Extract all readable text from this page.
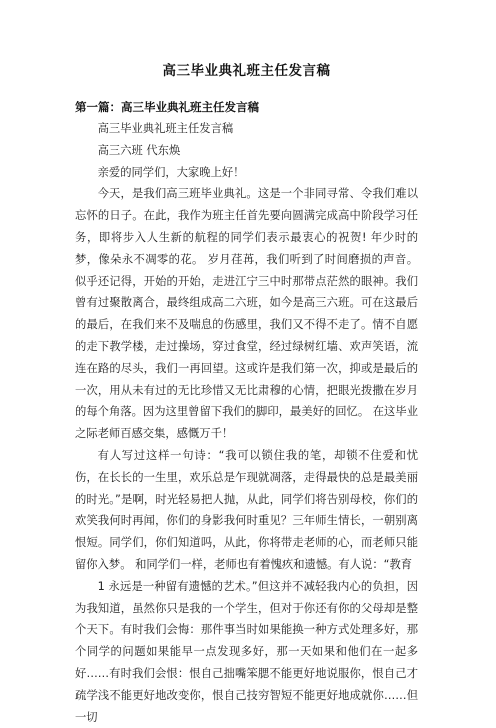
高三毕业典礼班主任发言稿
第一篇：高三毕业典礼班主任发言稿

高三毕业典礼班主任发言稿

高三六班 代东焕

亲爱的同学们，大家晚上好！

今天，是我们高三班毕业典礼。这是一个非同寻常、令我们难以忘怀的日子。在此，我作为班主任首先要向圆满完成高中阶段学习任务，即将步入人生新的航程的同学们表示最衷心的祝贺! 年少时的梦，像朵永不凋零的花。 岁月荏苒，我们听到了时间磨损的声音。 似乎还记得，开始的开始，走进江宁三中时那带点茫然的眼神。我们曾有过聚散离合，最终组成高二六班，如今是高三六班。可在这最后的最后，在我们来不及喘息的伤感里，我们又不得不走了。情不自愿的走下教学楼，走过操场，穿过食堂，经过绿树红墙、欢声笑语，流连在路的尽头，我们一再回望。这或许是我们第一次，抑或是最后的一次，用从未有过的无比珍惜又无比肃穆的心情，把眼光拨撒在岁月的每个角落。因为这里曾留下我们的脚印，最美好的回忆。 在这毕业之际老师百感交集，感慨万千！

有人写过这样一句诗：“我可以锁住我的笔，却锁不住爱和忧伤，在长长的一生里，欢乐总是乍现就凋落，走得最快的总是最美丽的时光。”是啊，时光轻易把人抛，从此，同学们将告别母校，你们的欢笑我何时再闻，你们的身影我何时重见？三年师生情长，一朝别离恨短。同学们，你们知道吗，从此，你将带走老师的心，而老师只能留你入梦。 和同学们一样，老师也有着愧疚和遗憾。有人说：“教育

1 永远是一种留有遗憾的艺术。”但这并不减轻我内心的负担，因为我知道，虽然你只是我的一个学生，但对于你还有你的父母却是整个天下。有时我们会悔：那件事当时如果能换一种方式处理多好，那个同学的问题如果能早一点发现多好，那一天如果和他们在一起多好……有时我们会恨：恨自己拙嘴笨腮不能更好地说服你，恨自己才疏学浅不能更好地改变你，恨自己技穷智短不能更好地成就你……但一切
